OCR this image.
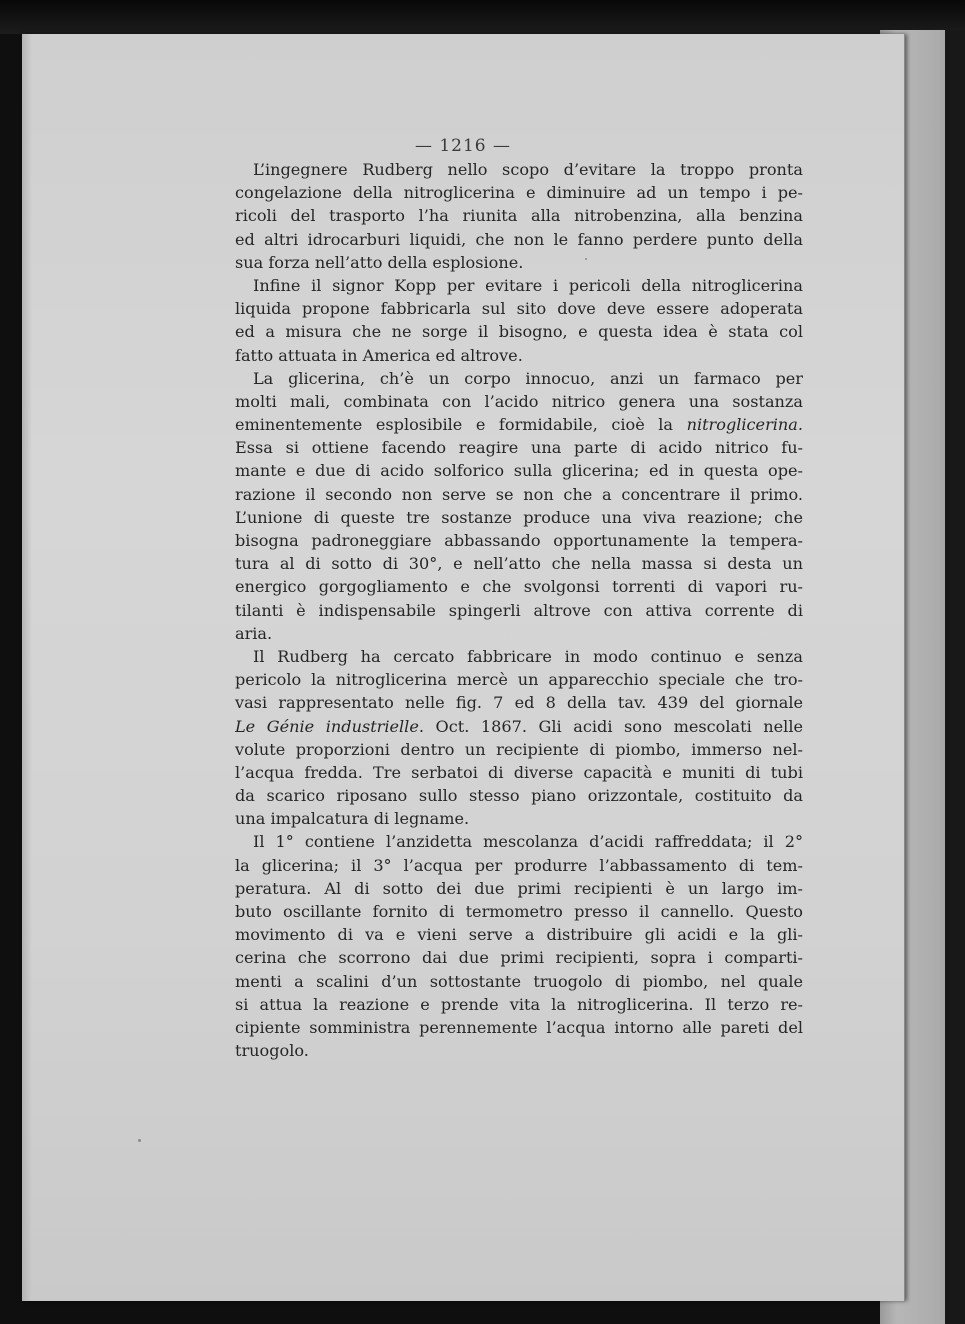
— 1216 —
L’ingegnere Rudberg nello scopo d’evitare la troppo pronta
congelazione della nitroglicerina e diminuire ad un tempo i pe-
ricoli del trasporto l’ha riunita alla nitrobenzina, alla benzina
ed altri idrocarburi liquidi, che non le fanno perdere punto della
sua forza nell’atto della esplosione.
Infine il signor Kopp per evitare i pericoli della nitroglicerina
liquida propone fabbricarla sul sito dove deve essere adoperata
ed a misura che ne sorge il bisogno, e questa idea è stata col
fatto attuata in America ed altrove.
La glicerina, ch’è un corpo innocuo, anzi un farmaco per
molti mali, combinata con l’acido nitrico genera una sostanza
eminentemente esplosibile e formidabile, cioè la nitroglicerina.
Essa si ottiene facendo reagire una parte di acido nitrico fu-
mante e due di acido solforico sulla glicerina; ed in questa ope-
razione il secondo non serve se non che a concentrare il primo.
L’unione di queste tre sostanze produce una viva reazione; che
bisogna padroneggiare abbassando opportunamente la tempera-
tura al di sotto di 30°, e nell’atto che nella massa si desta un
energico gorgogliamento e che svolgonsi torrenti di vapori ru-
tilanti è indispensabile spingerli altrove con attiva corrente di
aria.
Il Rudberg ha cercato fabbricare in modo continuo e senza
pericolo la nitroglicerina mercè un apparecchio speciale che tro-
vasi rappresentato nelle fig. 7 ed 8 della tav. 439 del giornale
Le Génie industrielle. Oct. 1867. Gli acidi sono mescolati nelle
volute proporzioni dentro un recipiente di piombo, immerso nel-
l’acqua fredda. Tre serbatoi di diverse capacità e muniti di tubi
da scarico riposano sullo stesso piano orizzontale, costituito da
una impalcatura di legname.
Il 1° contiene l’anzidetta mescolanza d’acidi raffreddata; il 2°
la glicerina; il 3° l’acqua per produrre l’abbassamento di tem-
peratura. Al di sotto dei due primi recipienti è un largo im-
buto oscillante fornito di termometro presso il cannello. Questo
movimento di va e vieni serve a distribuire gli acidi e la gli-
cerina che scorrono dai due primi recipienti, sopra i comparti-
menti a scalini d’un sottostante truogolo di piombo, nel quale
si attua la reazione e prende vita la nitroglicerina. Il terzo re-
cipiente somministra perennemente l’acqua intorno alle pareti del
truogolo.
